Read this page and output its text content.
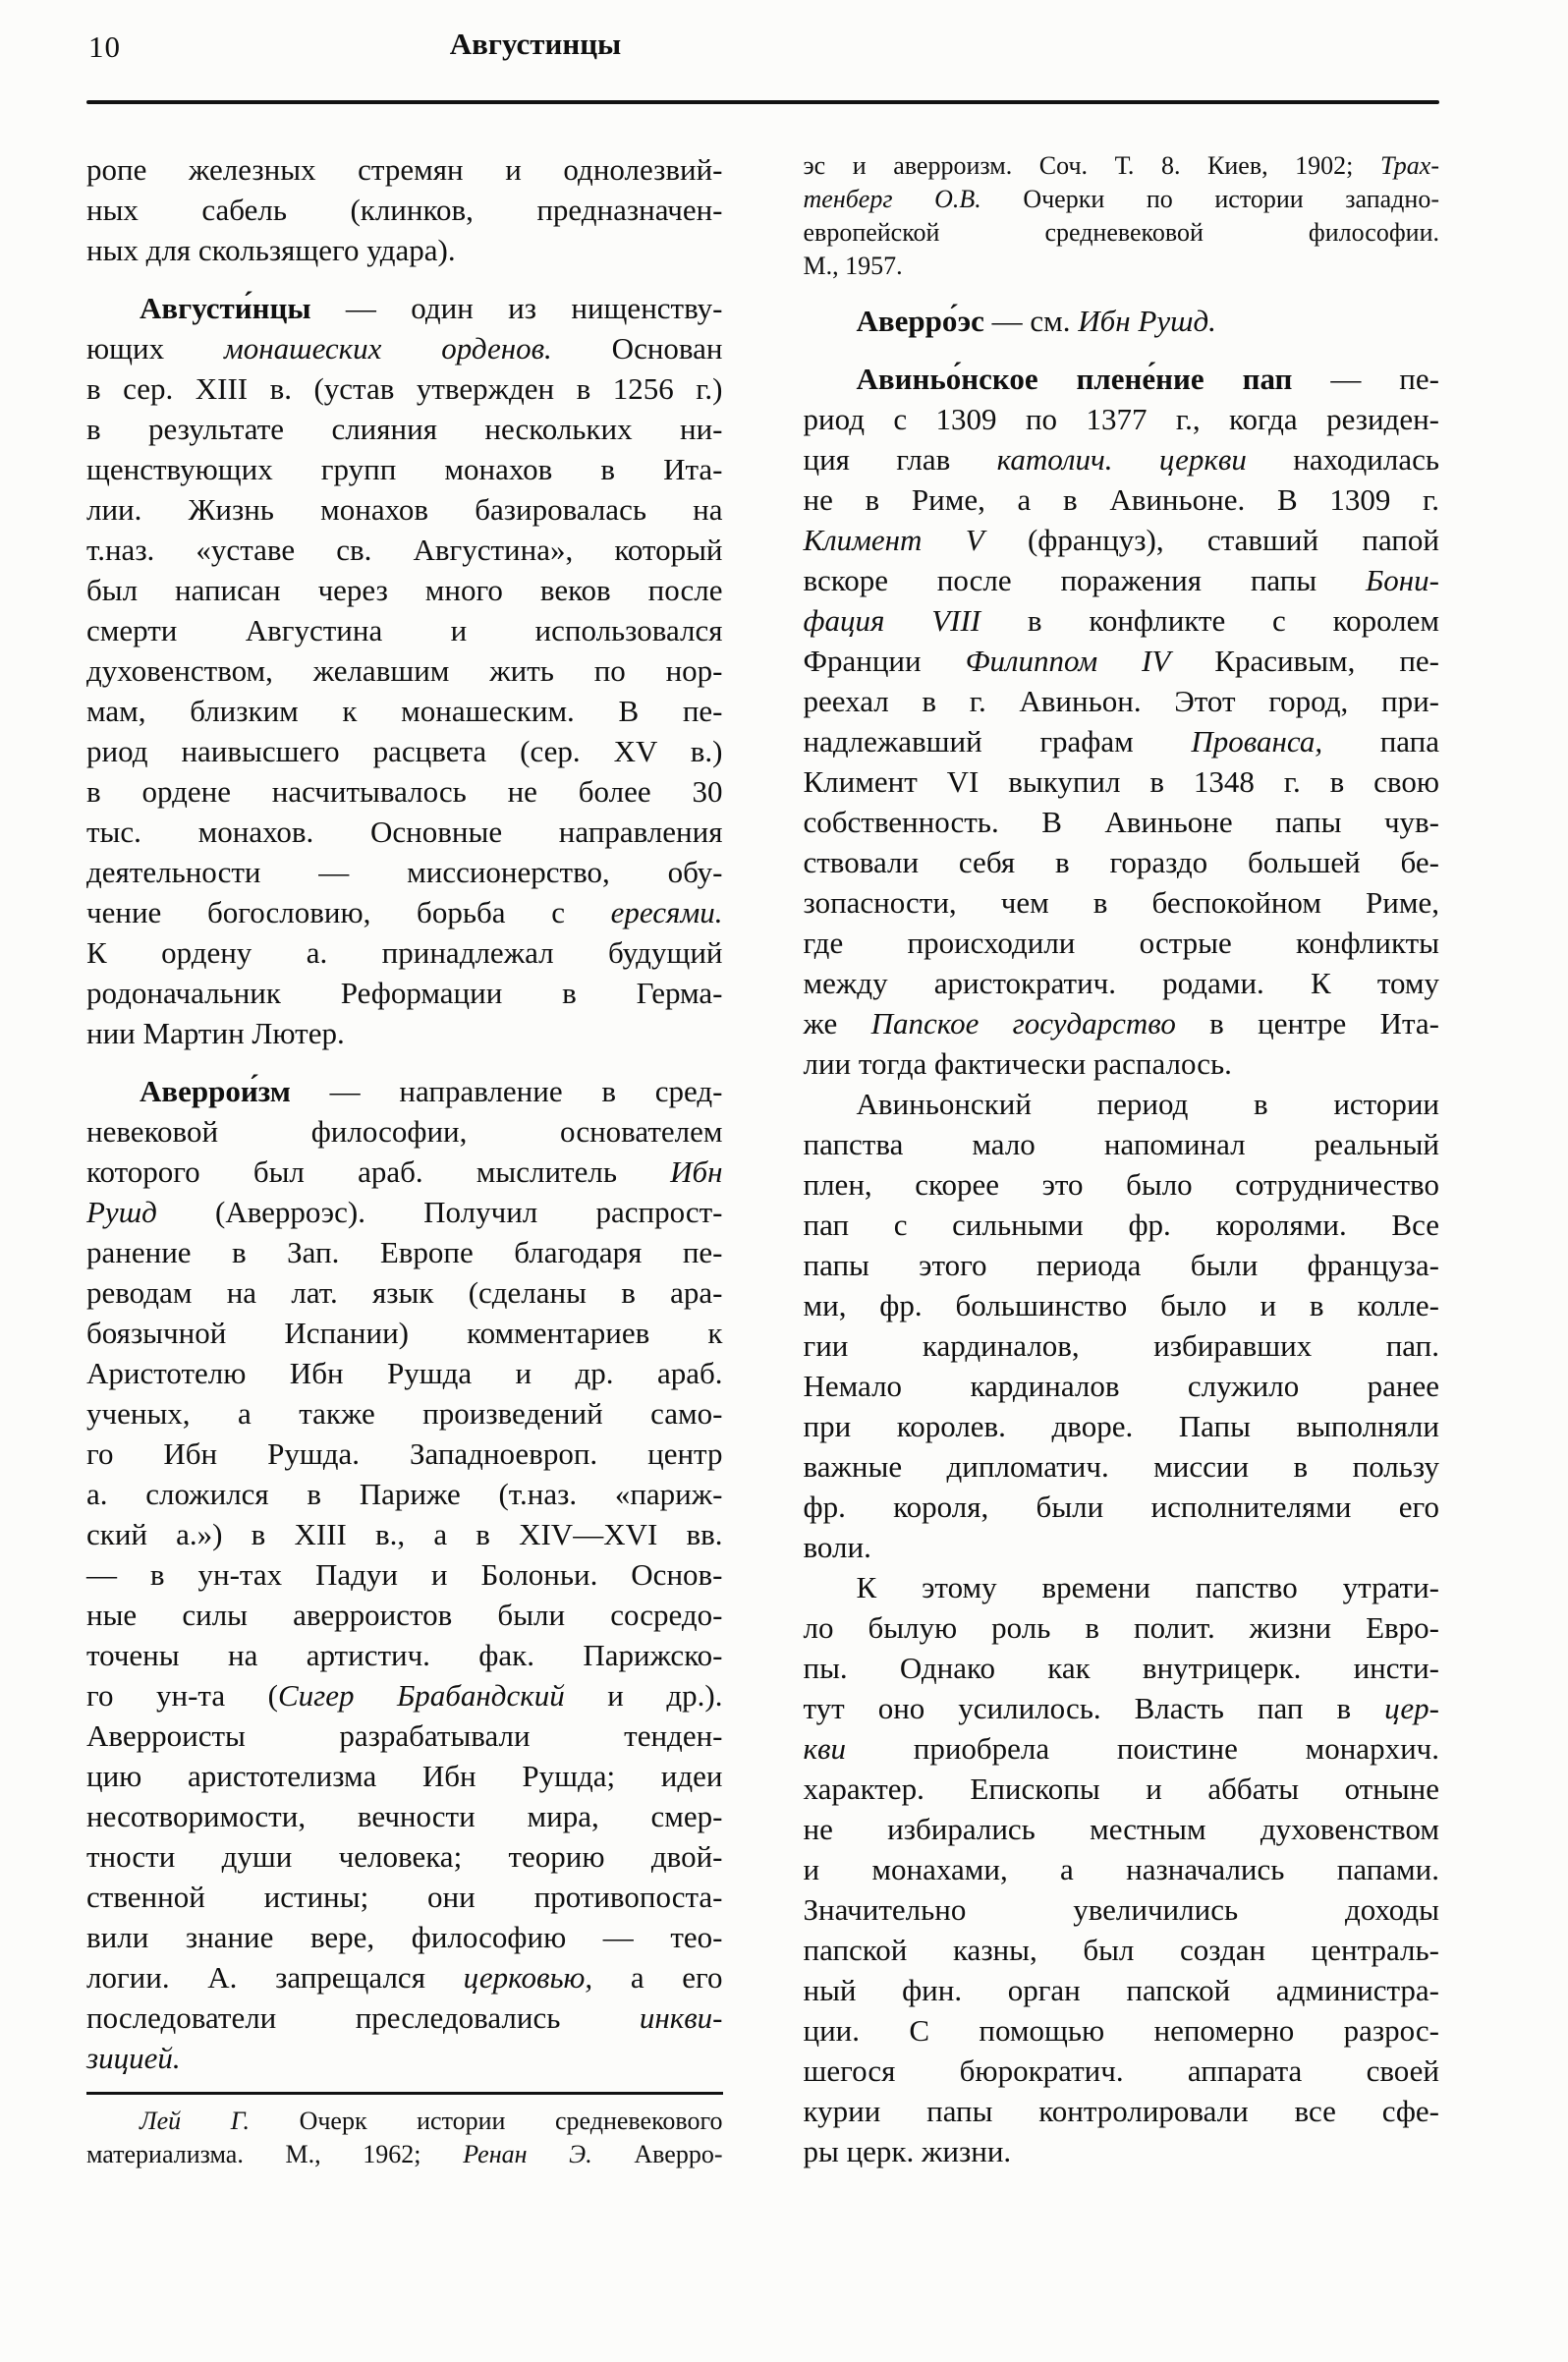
10	Августинцы
ропе железных стремян и однолезвий-
ных сабель (клинков, предназначен-
ных для скользящего удара).
Августи́нцы — один из нищенству-
ющих монашеских орденов. Основан
в сер. XIII в. (устав утвержден в 1256 г.)
в результате слияния нескольких ни-
щенствующих групп монахов в Ита-
лии. Жизнь монахов базировалась на
т.наз. «уставе св. Августина», который
был написан через много веков после
смерти Августина и использовался
духовенством, желавшим жить по нор-
мам, близким к монашеским. В пе-
риод наивысшего расцвета (сер. XV в.)
в ордене насчитывалось не более 30
тыс. монахов. Основные направления
деятельности — миссионерство, обу-
чение богословию, борьба с ересями.
К ордену а. принадлежал будущий
родоначальник Реформации в Герма-
нии Мартин Лютер.
Аверрои́зм — направление в сред-
невековой философии, основателем
которого был араб. мыслитель Ибн
Рушд (Аверроэс). Получил распрост-
ранение в Зап. Европе благодаря пе-
реводам на лат. язык (сделаны в ара-
боязычной Испании) комментариев к
Аристотелю Ибн Рушда и др. араб.
ученых, а также произведений само-
го Ибн Рушда. Западноевроп. центр
а. сложился в Париже (т.наз. «париж-
ский а.») в XIII в., а в XIV—XVI вв.
— в ун-тах Падуи и Болоньи. Основ-
ные силы аверроистов были сосредо-
точены на артистич. фак. Парижско-
го ун-та (Сигер Брабандский и др.).
Аверроисты разрабатывали тенден-
цию аристотелизма Ибн Рушда; идеи
несотворимости, вечности мира, смер-
тности души человека; теорию двой-
ственной истины; они противопоста-
вили знание вере, философию — тео-
логии. А. запрещался церковью, а его
последователи преследовались инкви-
зицией.
Лей Г. Очерк истории средневекового
материализма. М., 1962; Ренан Э. Аверро-
эс и аверроизм. Соч. Т. 8. Киев, 1902; Трах-
тенберг О.В. Очерки по истории западно-
европейской средневековой философии.
М., 1957.
Аверро́эс — см. Ибн Рушд.
Авиньо́нское плене́ние пап — пе-
риод с 1309 по 1377 г., когда резиден-
ция глав католич. церкви находилась
не в Риме, а в Авиньоне. В 1309 г.
Климент V (француз), ставший папой
вскоре после поражения папы Бони-
фация VIII в конфликте с королем
Франции Филиппом IV Красивым, пе-
реехал в г. Авиньон. Этот город, при-
надлежавший графам Прованса, папа
Климент VI выкупил в 1348 г. в свою
собственность. В Авиньоне папы чув-
ствовали себя в гораздо большей бе-
зопасности, чем в беспокойном Риме,
где происходили острые конфликты
между аристократич. родами. К тому
же Папское государство в центре Ита-
лии тогда фактически распалось.
Авиньонский период в истории
папства мало напоминал реальный
плен, скорее это было сотрудничество
пап с сильными фр. королями. Все
папы этого периода были француза-
ми, фр. большинство было и в колле-
гии кардиналов, избиравших пап.
Немало кардиналов служило ранее
при королев. дворе. Папы выполняли
важные дипломатич. миссии в пользу
фр. короля, были исполнителями его
воли.
К этому времени папство утрати-
ло былую роль в полит. жизни Евро-
пы. Однако как внутрицерк. инсти-
тут оно усилилось. Власть пап в цер-
кви приобрела поистине монархич.
характер. Епископы и аббаты отныне
не избирались местным духовенством
и монахами, а назначались папами.
Значительно увеличились доходы
папской казны, был создан централь-
ный фин. орган папской администра-
ции. С помощью непомерно разрос-
шегося бюрократич. аппарата своей
курии папы контролировали все сфе-
ры церк. жизни.
